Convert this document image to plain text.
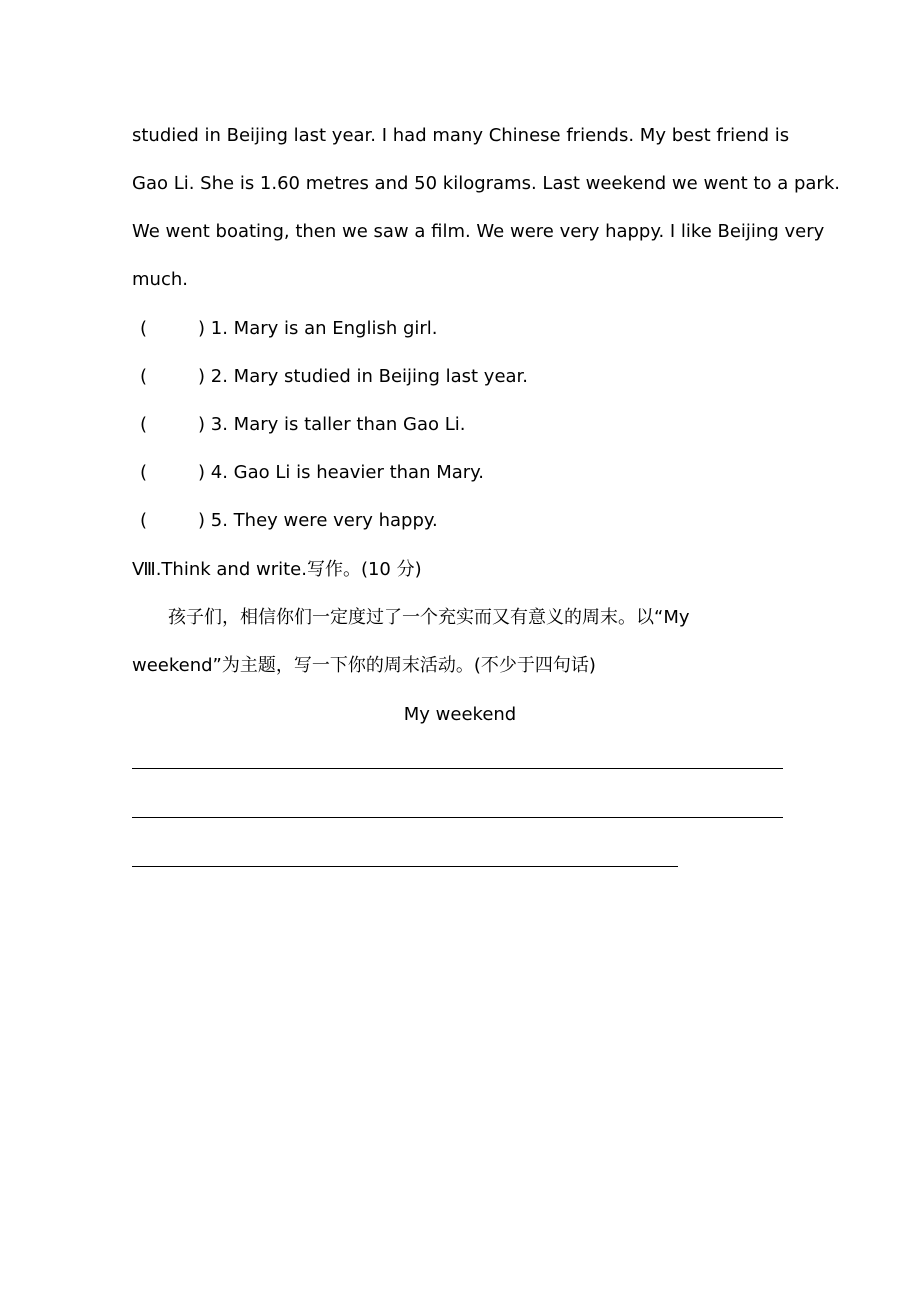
studied in Beijing last year. I had many Chinese friends. My best friend is
Gao Li. She is 1.60 metres and 50 kilograms. Last weekend we went to a park.
We went boating, then we saw a film. We were very happy. I like Beijing very
much.
(	) 1. Mary is an English girl.
(	) 2. Mary studied in Beijing last year.
(	) 3. Mary is taller than Gao Li.
(	) 4. Gao Li is heavier than Mary.
(	) 5. They were very happy.
Ⅷ.Think and write.写作。(10 分)
孩子们，相信你们一定度过了一个充实而又有意义的周末。以“My weekend”为主题，写一下你的周末活动。(不少于四句话)
My weekend
